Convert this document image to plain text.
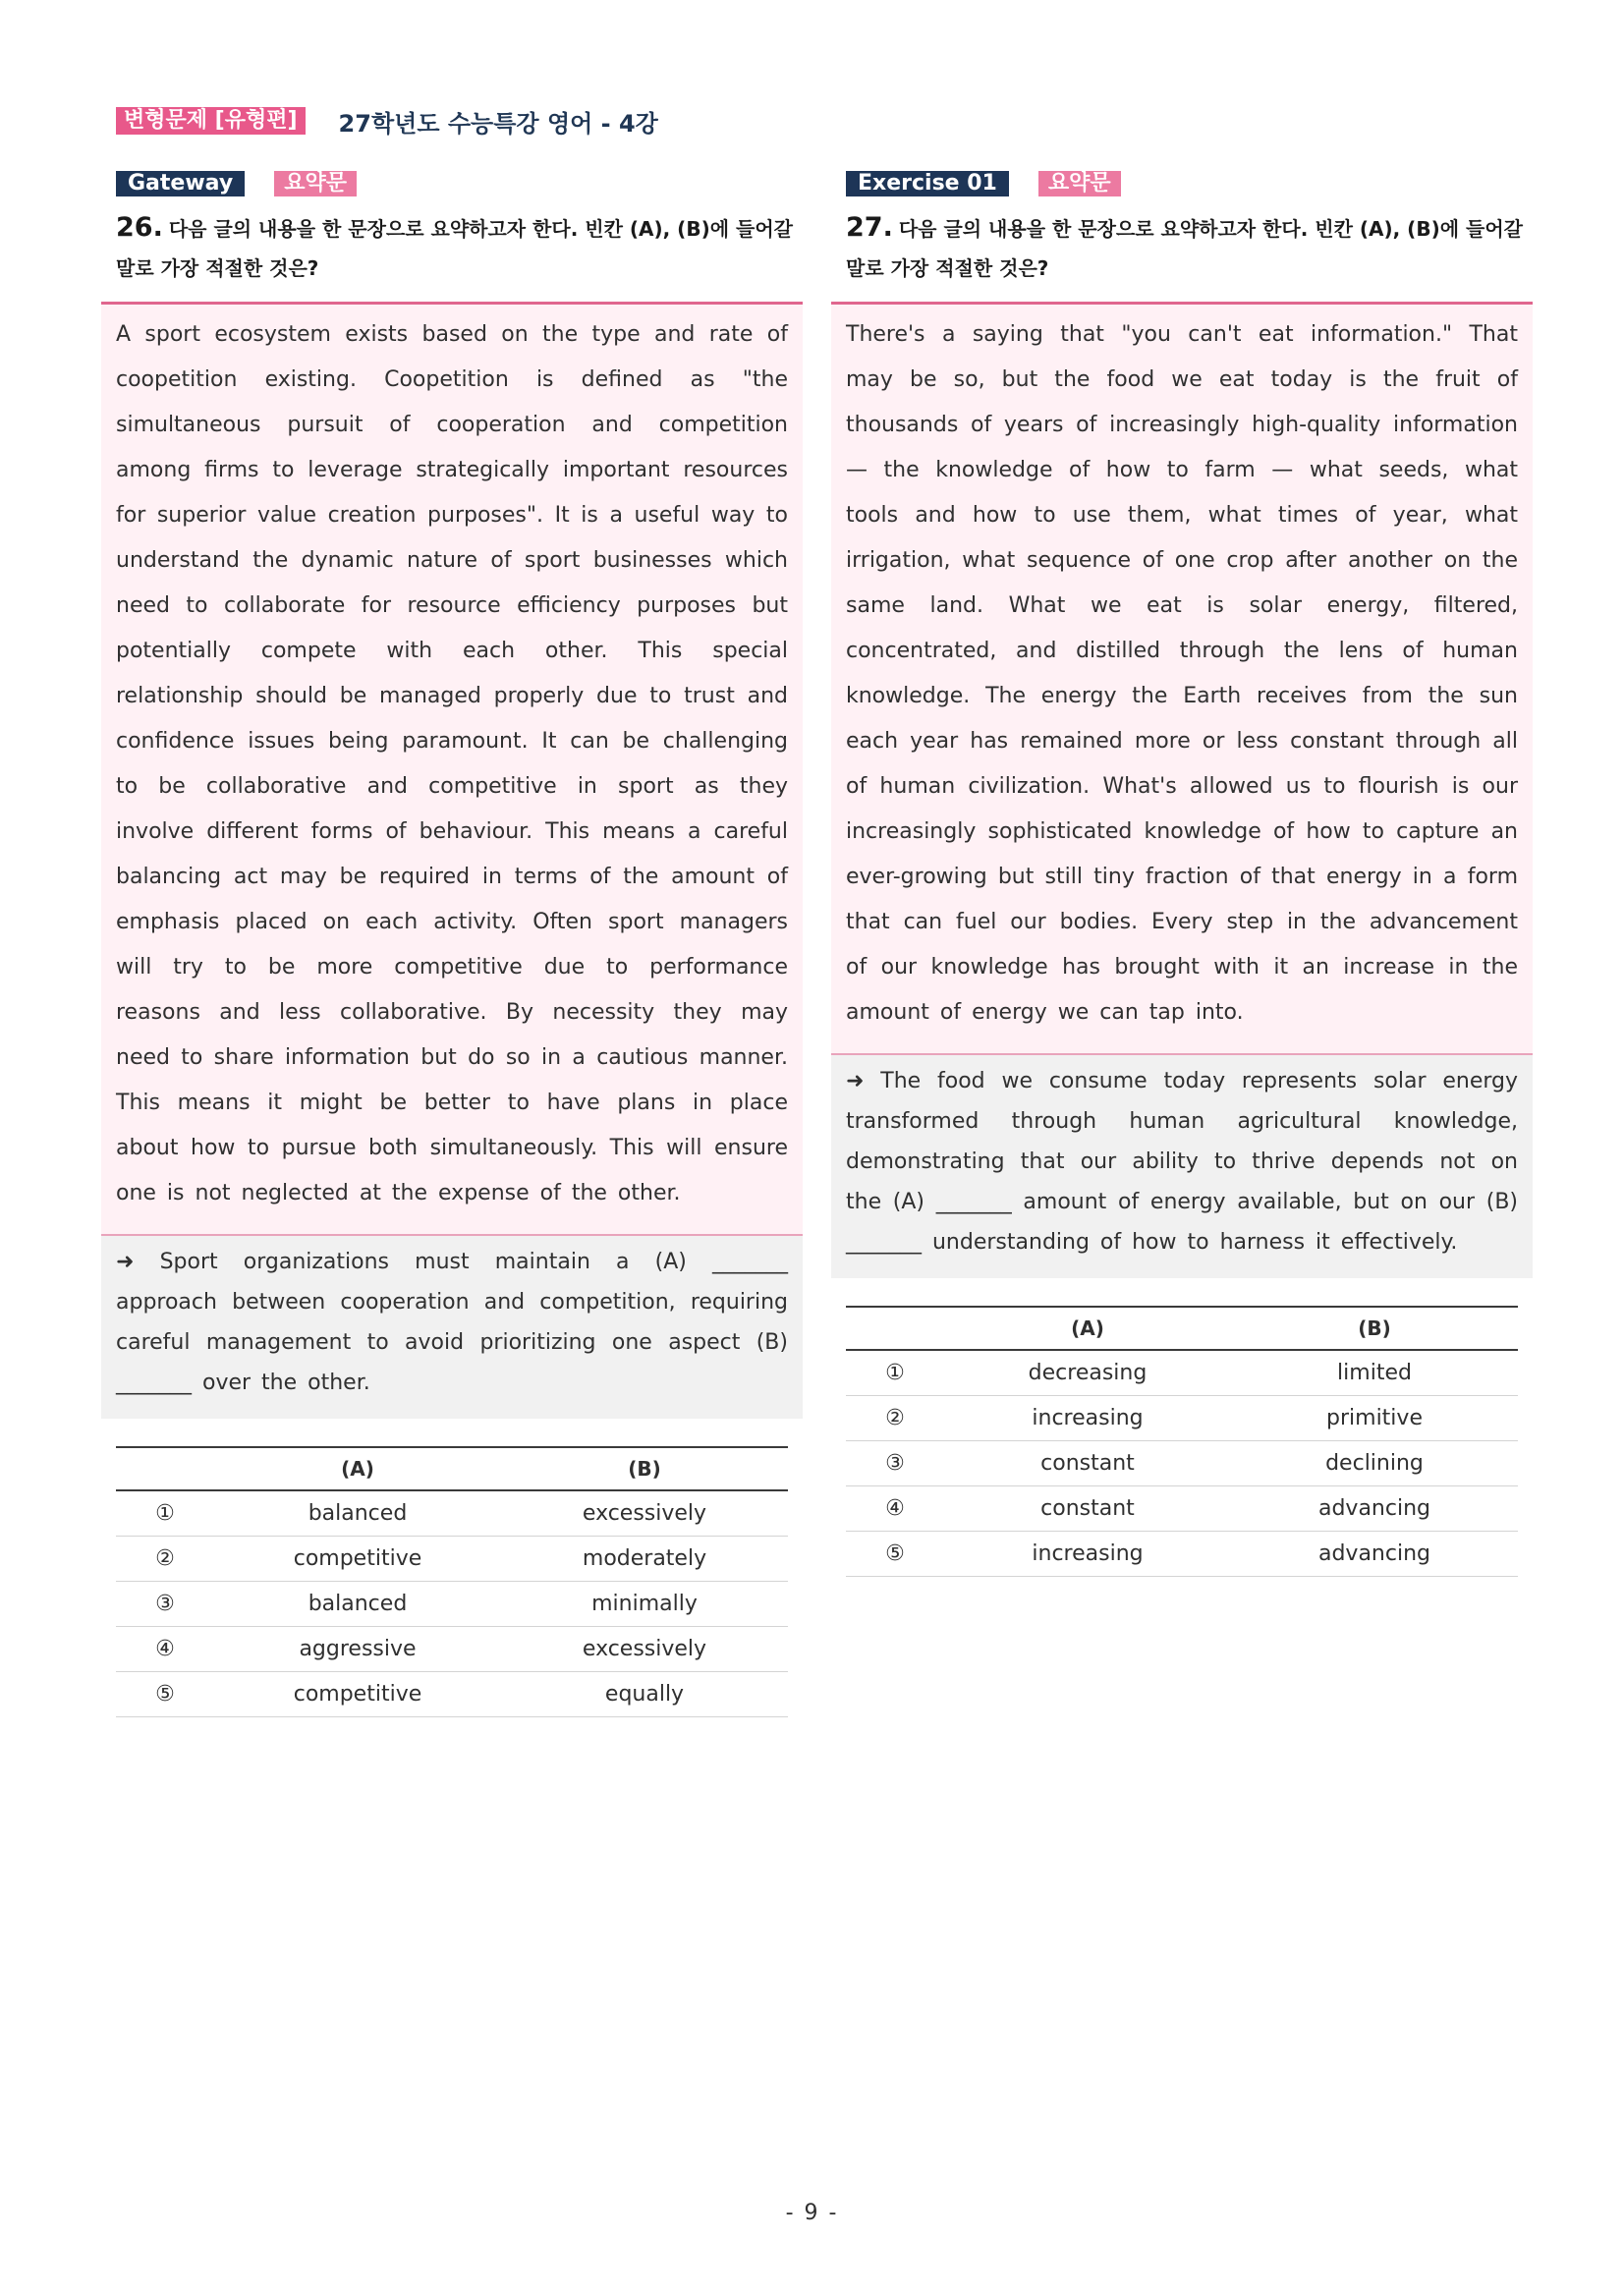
변형문제 [유형편]	27학년도 수능특강 영어 - 4강
Gateway	요약문
26. 다음 글의 내용을 한 문장으로 요약하고자 한다. 빈칸 (A), (B)에 들어갈 말로 가장 적절한 것은?
A sport ecosystem exists based on the type and rate of coopetition existing. Coopetition is defined as "the simultaneous pursuit of cooperation and competition among firms to leverage strategically important resources for superior value creation purposes". It is a useful way to understand the dynamic nature of sport businesses which need to collaborate for resource efficiency purposes but potentially compete with each other. This special relationship should be managed properly due to trust and confidence issues being paramount. It can be challenging to be collaborative and competitive in sport as they involve different forms of behaviour. This means a careful balancing act may be required in terms of the amount of emphasis placed on each activity. Often sport managers will try to be more competitive due to performance reasons and less collaborative. By necessity they may need to share information but do so in a cautious manner. This means it might be better to have plans in place about how to pursue both simultaneously. This will ensure one is not neglected at the expense of the other.
➜ Sport organizations must maintain a (A) _______ approach between cooperation and competition, requiring careful management to avoid prioritizing one aspect (B) _______ over the other.
	(A)	(B)
①	balanced	excessively
②	competitive	moderately
③	balanced	minimally
④	aggressive	excessively
⑤	competitive	equally
Exercise 01	요약문
27. 다음 글의 내용을 한 문장으로 요약하고자 한다. 빈칸 (A), (B)에 들어갈 말로 가장 적절한 것은?
There's a saying that "you can't eat information." That may be so, but the food we eat today is the fruit of thousands of years of increasingly high-quality information — the knowledge of how to farm — what seeds, what tools and how to use them, what times of year, what irrigation, what sequence of one crop after another on the same land. What we eat is solar energy, filtered, concentrated, and distilled through the lens of human knowledge. The energy the Earth receives from the sun each year has remained more or less constant through all of human civilization. What's allowed us to flourish is our increasingly sophisticated knowledge of how to capture an ever-growing but still tiny fraction of that energy in a form that can fuel our bodies. Every step in the advancement of our knowledge has brought with it an increase in the amount of energy we can tap into.
➜ The food we consume today represents solar energy transformed through human agricultural knowledge, demonstrating that our ability to thrive depends not on the (A) _______ amount of energy available, but on our (B) _______ understanding of how to harness it effectively.
	(A)	(B)
①	decreasing	limited
②	increasing	primitive
③	constant	declining
④	constant	advancing
⑤	increasing	advancing
- 9 -
